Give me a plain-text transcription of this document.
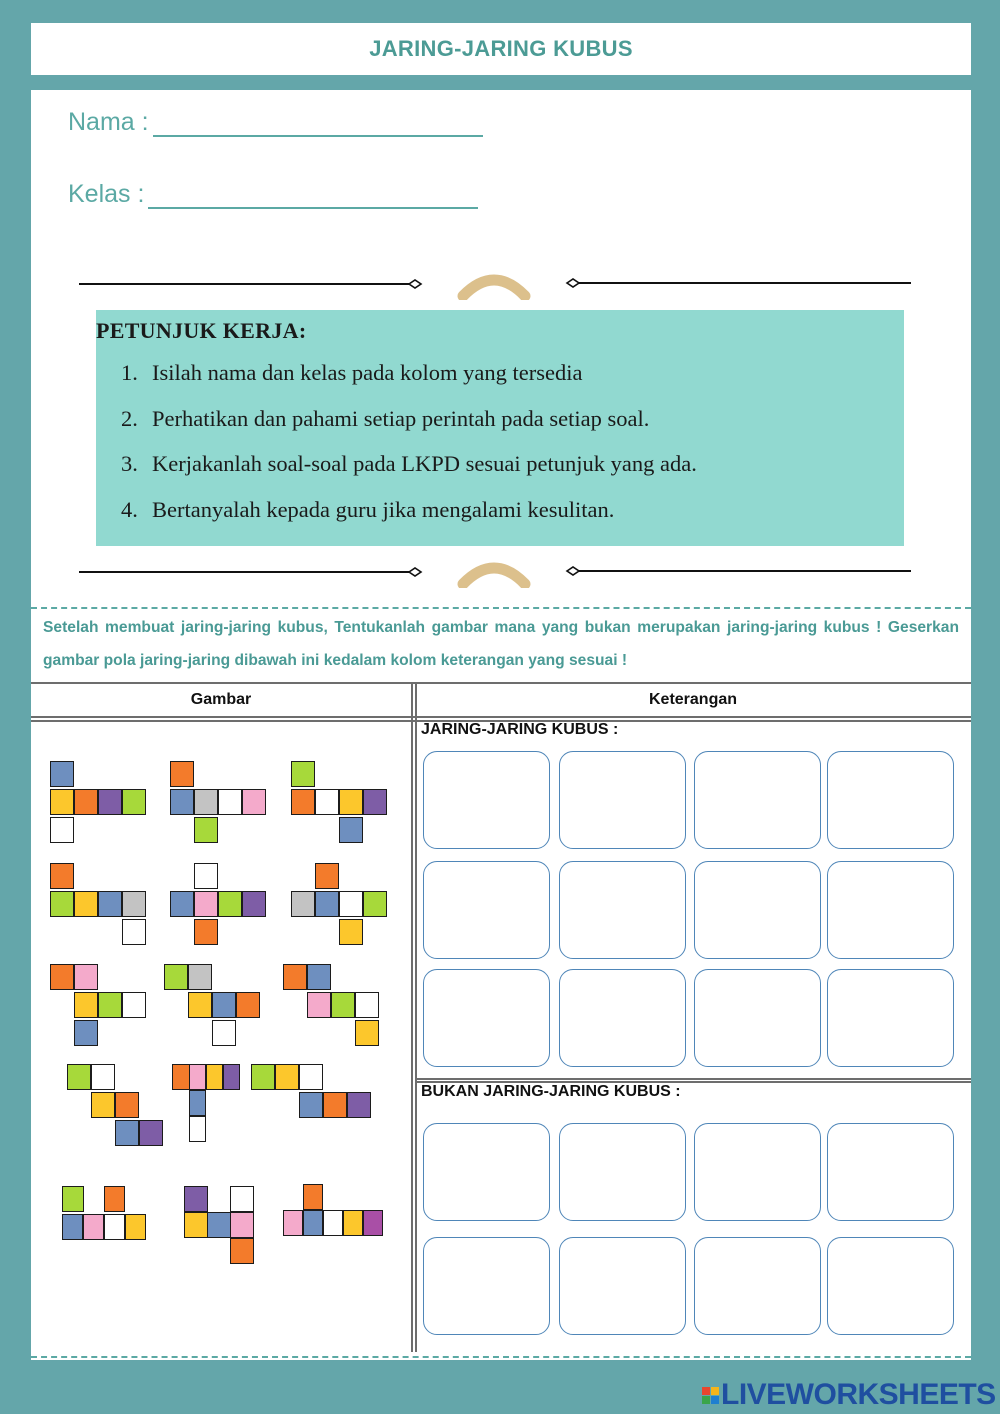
JARING-JARING KUBUS
Nama :
Kelas :
PETUNJUK KERJA:
1. Isilah nama dan kelas pada kolom yang tersedia
2. Perhatikan dan pahami setiap perintah pada setiap soal.
3. Kerjakanlah soal-soal pada LKPD sesuai petunjuk yang ada.
4. Bertanyalah kepada guru jika mengalami kesulitan.

Setelah membuat jaring-jaring kubus, Tentukanlah gambar mana yang bukan merupakan jaring-jaring kubus ! Geserkan gambar pola jaring-jaring dibawah ini kedalam kolom keterangan yang sesuai !

Gambar	Keterangan
JARING-JARING KUBUS :
BUKAN JARING-JARING KUBUS :
LIVEWORKSHEETS
